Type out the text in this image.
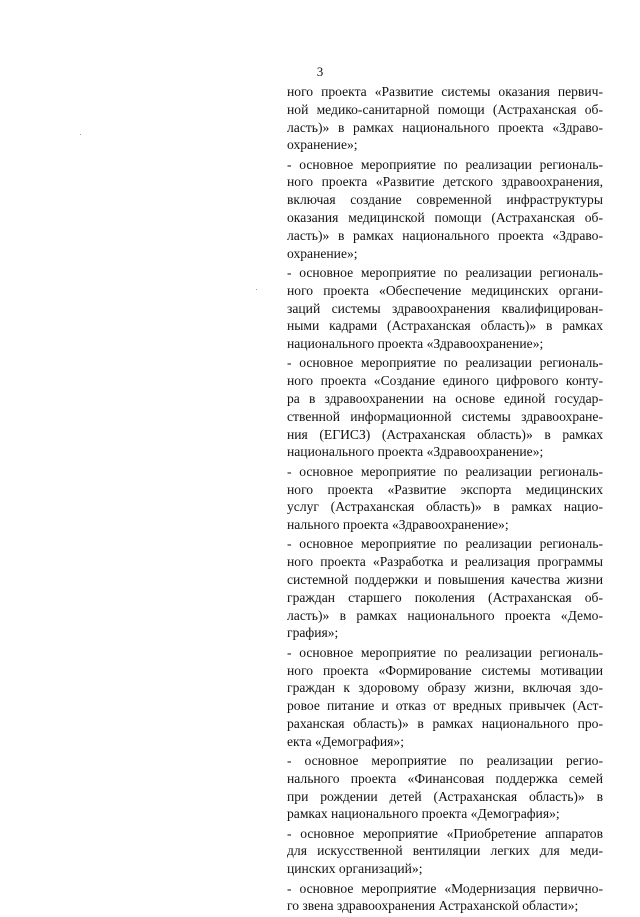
3
ного проекта «Развитие системы оказания первич-
ной медико-санитарной помощи (Астраханская об-
ласть)» в рамках национального проекта «Здраво-
охранение»;
- основное мероприятие по реализации региональ-
ного проекта «Развитие детского здравоохранения,
включая создание современной инфраструктуры
оказания медицинской помощи (Астраханская об-
ласть)» в рамках национального проекта «Здраво-
охранение»;
- основное мероприятие по реализации региональ-
ного проекта «Обеспечение медицинских органи-
заций системы здравоохранения квалифицирован-
ными кадрами (Астраханская область)» в рамках
национального проекта «Здравоохранение»;
- основное мероприятие по реализации региональ-
ного проекта «Создание единого цифрового конту-
ра в здравоохранении на основе единой государ-
ственной информационной системы здравоохране-
ния (ЕГИСЗ) (Астраханская область)» в рамках
национального проекта «Здравоохранение»;
- основное мероприятие по реализации региональ-
ного проекта «Развитие экспорта медицинских
услуг (Астраханская область)» в рамках нацио-
нального проекта «Здравоохранение»;
- основное мероприятие по реализации региональ-
ного проекта «Разработка и реализация программы
системной поддержки и повышения качества жизни
граждан старшего поколения (Астраханская об-
ласть)» в рамках национального проекта «Демо-
графия»;
- основное мероприятие по реализации региональ-
ного проекта «Формирование системы мотивации
граждан к здоровому образу жизни, включая здо-
ровое питание и отказ от вредных привычек (Аст-
раханская область)» в рамках национального про-
екта «Демография»;
- основное мероприятие по реализации регио-
нального проекта «Финансовая поддержка семей
при рождении детей (Астраханская область)» в
рамках национального проекта «Демография»;
- основное мероприятие «Приобретение аппаратов
для искусственной вентиляции легких для меди-
цинских организаций»;
- основное мероприятие «Модернизация первично-
го звена здравоохранения Астраханской области»;
